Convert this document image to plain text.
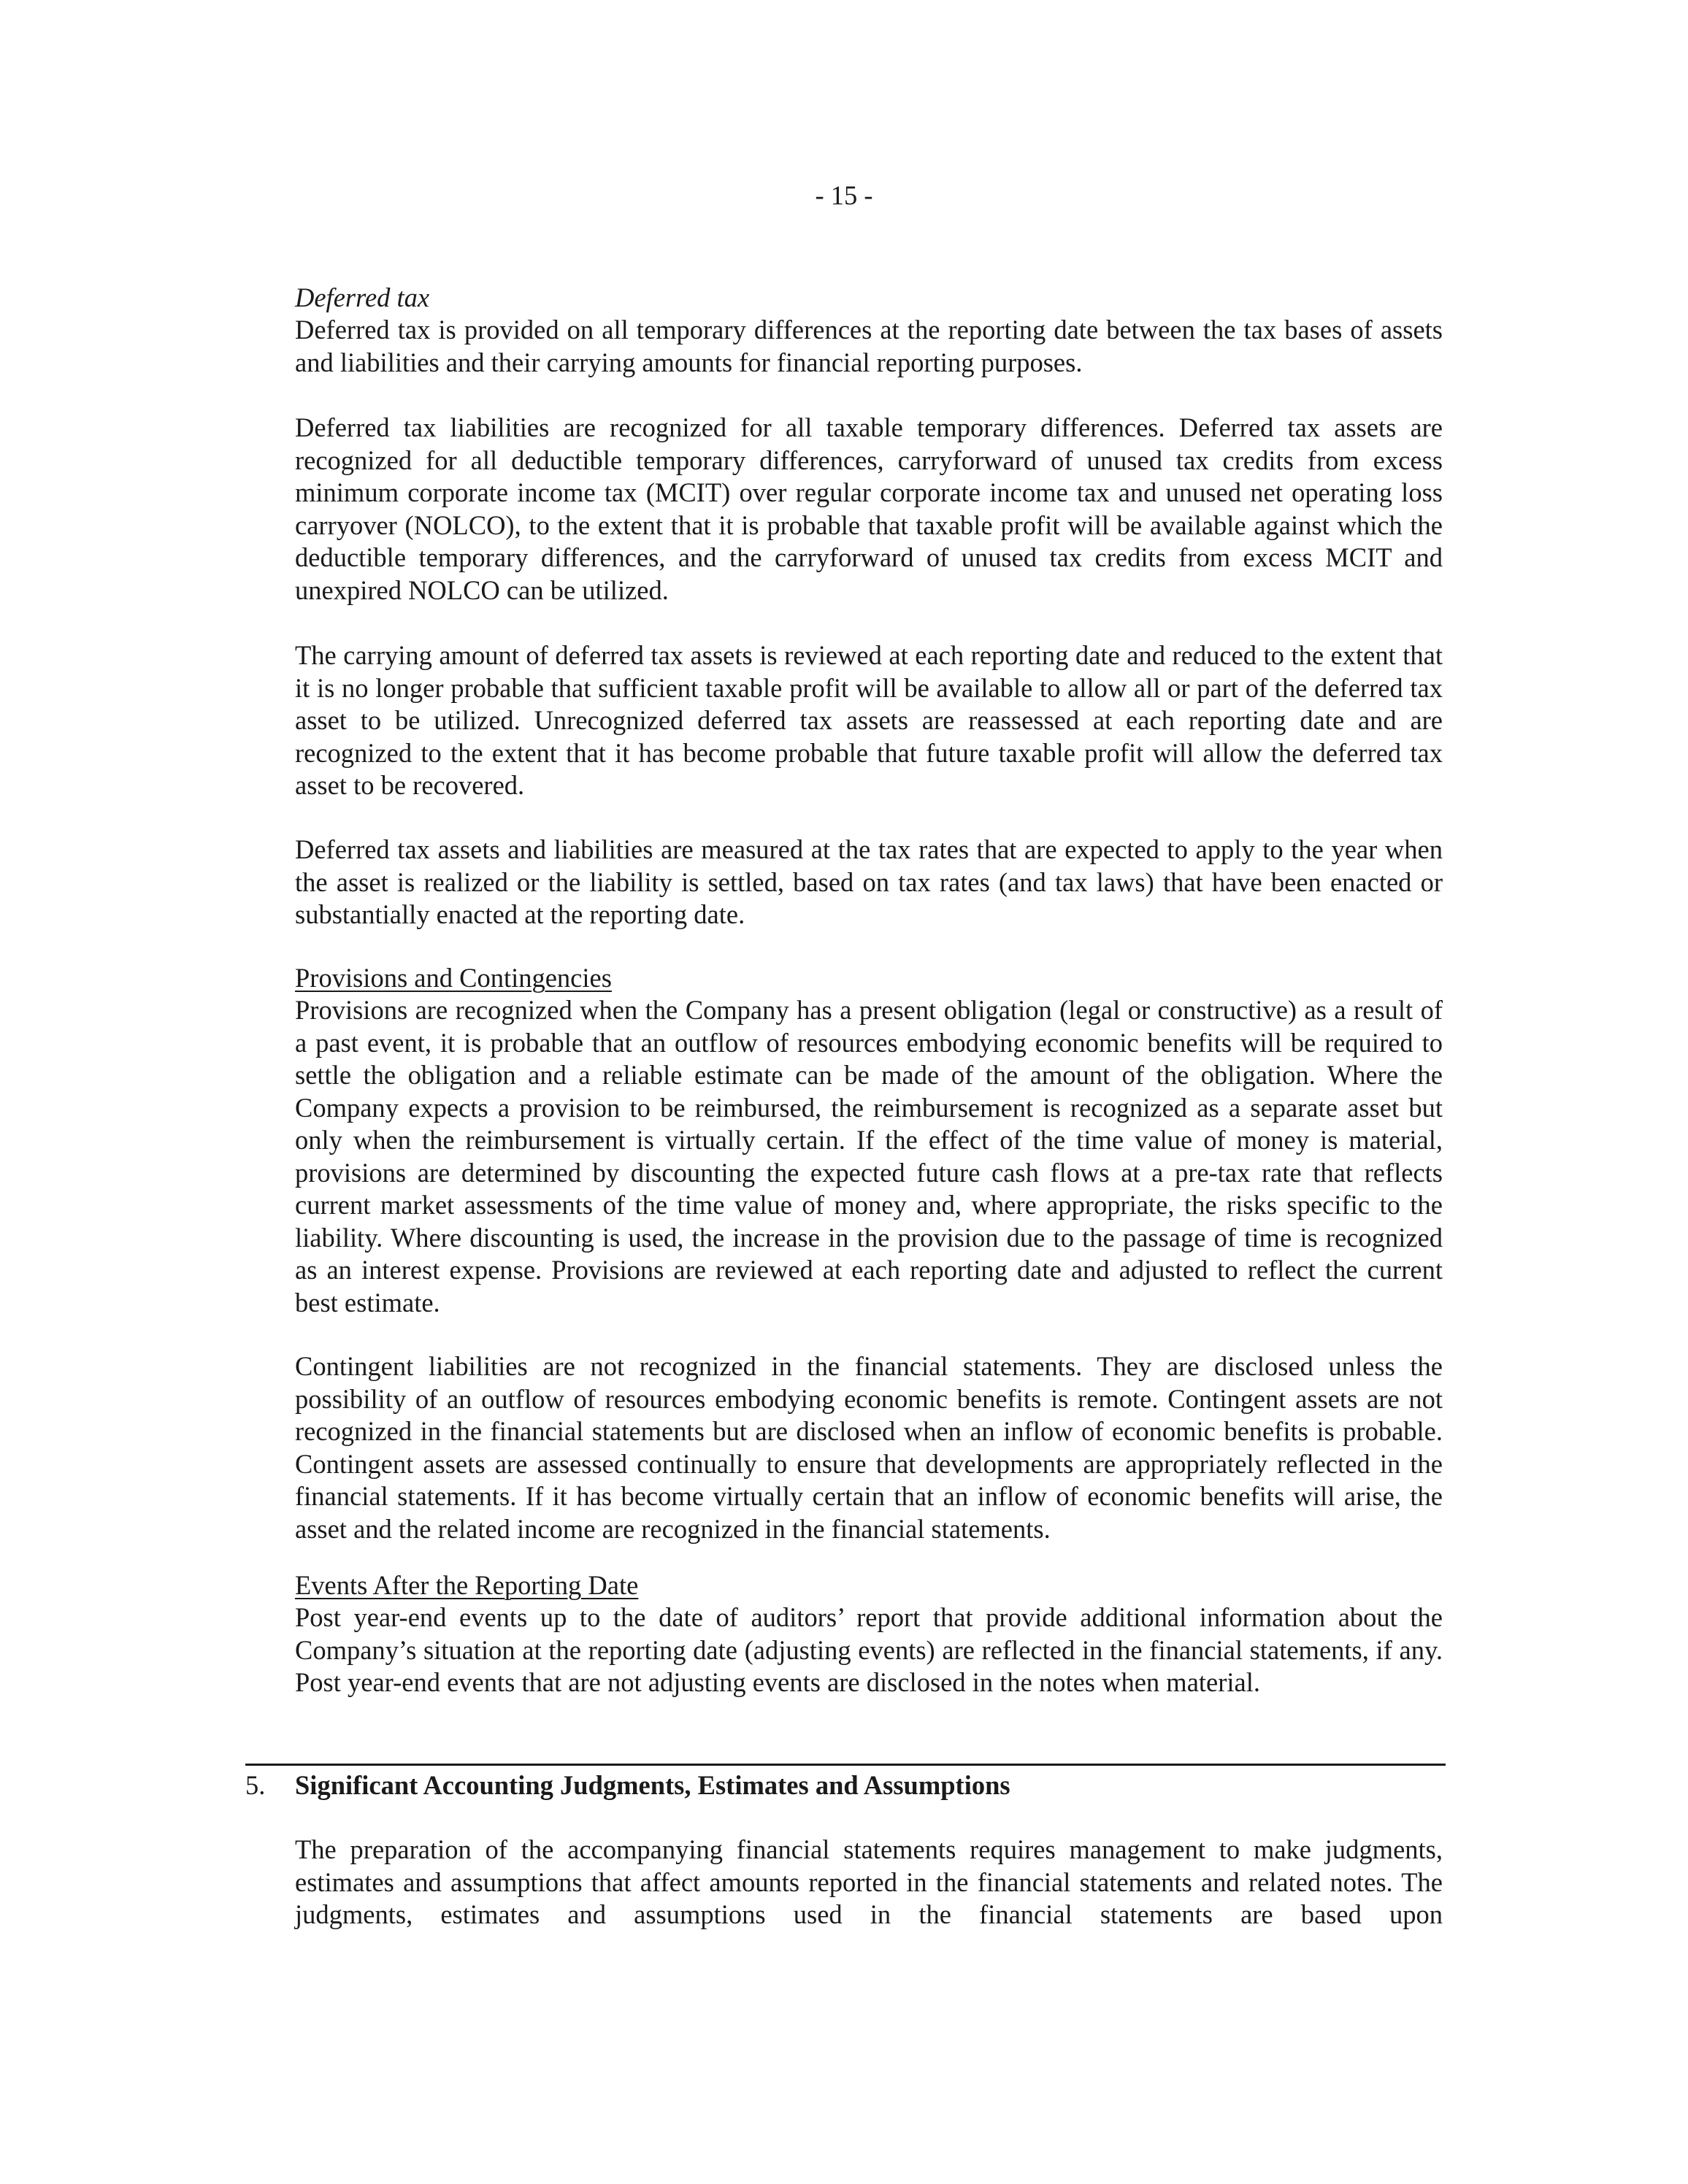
- 15 -
Deferred tax

Deferred tax is provided on all temporary differences at the reporting date between the tax bases of assets and liabilities and their carrying amounts for financial reporting purposes.

Deferred tax liabilities are recognized for all taxable temporary differences. Deferred tax assets are recognized for all deductible temporary differences, carryforward of unused tax credits from excess minimum corporate income tax (MCIT) over regular corporate income tax and unused net operating loss carryover (NOLCO), to the extent that it is probable that taxable profit will be available against which the deductible temporary differences, and the carryforward of unused tax credits from excess MCIT and unexpired NOLCO can be utilized.

The carrying amount of deferred tax assets is reviewed at each reporting date and reduced to the extent that it is no longer probable that sufficient taxable profit will be available to allow all or part of the deferred tax asset to be utilized. Unrecognized deferred tax assets are reassessed at each reporting date and are recognized to the extent that it has become probable that future taxable profit will allow the deferred tax asset to be recovered.

Deferred tax assets and liabilities are measured at the tax rates that are expected to apply to the year when the asset is realized or the liability is settled, based on tax rates (and tax laws) that have been enacted or substantially enacted at the reporting date.

Provisions and Contingencies

Provisions are recognized when the Company has a present obligation (legal or constructive) as a result of a past event, it is probable that an outflow of resources embodying economic benefits will be required to settle the obligation and a reliable estimate can be made of the amount of the obligation. Where the Company expects a provision to be reimbursed, the reimbursement is recognized as a separate asset but only when the reimbursement is virtually certain. If the effect of the time value of money is material, provisions are determined by discounting the expected future cash flows at a pre-tax rate that reflects current market assessments of the time value of money and, where appropriate, the risks specific to the liability. Where discounting is used, the increase in the provision due to the passage of time is recognized as an interest expense. Provisions are reviewed at each reporting date and adjusted to reflect the current best estimate.

Contingent liabilities are not recognized in the financial statements. They are disclosed unless the possibility of an outflow of resources embodying economic benefits is remote. Contingent assets are not recognized in the financial statements but are disclosed when an inflow of economic benefits is probable. Contingent assets are assessed continually to ensure that developments are appropriately reflected in the financial statements. If it has become virtually certain that an inflow of economic benefits will arise, the asset and the related income are recognized in the financial statements.

Events After the Reporting Date

Post year-end events up to the date of auditors’ report that provide additional information about the Company’s situation at the reporting date (adjusting events) are reflected in the financial statements, if any. Post year-end events that are not adjusting events are disclosed in the notes when material.

5. Significant Accounting Judgments, Estimates and Assumptions

The preparation of the accompanying financial statements requires management to make judgments, estimates and assumptions that affect amounts reported in the financial statements and related notes. The judgments, estimates and assumptions used in the financial statements are based upon
